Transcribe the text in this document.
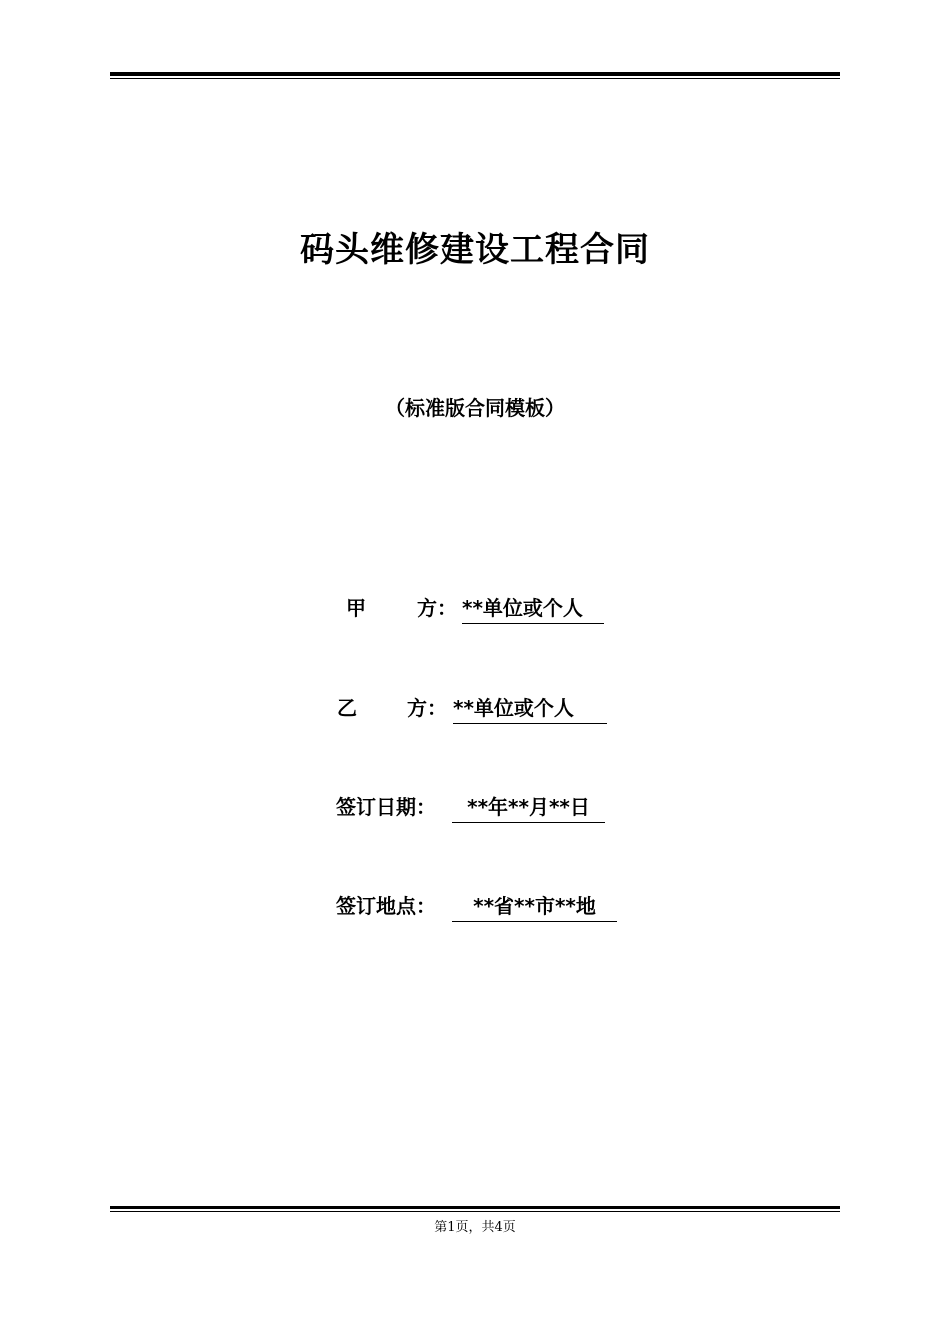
码头维修建设工程合同
（标准版合同模板）
甲	方： **单位或个人
乙	方： **单位或个人
签订日期：	**年**月**日
签订地点：	**省**市**地
第1页，共4页
